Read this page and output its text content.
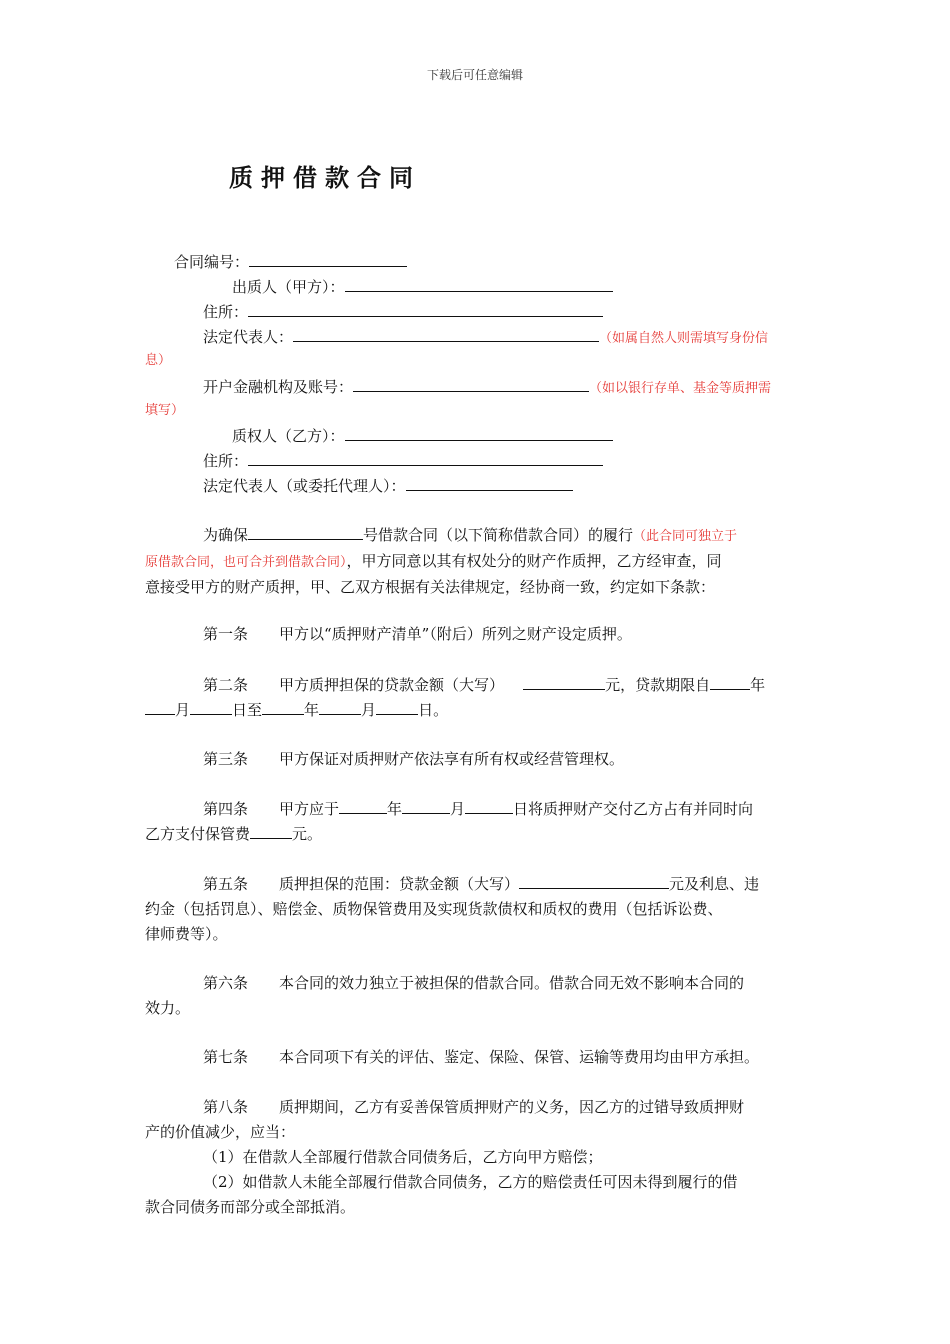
下载后可任意编辑
质押借款合同
合同编号：
出质人（甲方）：
住所：
法定代表人：	（如属自然人则需填写身份信
息）
开户金融机构及账号：	（如以银行存单、基金等质押需
填写）
质权人（乙方）：
住所：
法定代表人（或委托代理人）：

为确保	号借款合同（以下简称借款合同）的履行（此合同可独立于

原借款合同，也可合并到借款合同），甲方同意以其有权处分的财产作质押，乙方经审查，同

意接受甲方的财产质押，甲、乙双方根据有关法律规定，经协商一致，约定如下条款：

第一条 甲方以“质押财产清单”（附后）所列之财产设定质押。

第二条 甲方质押担保的贷款金额（大写）	元，贷款期限自	年

月	日至	年	月	日。

第三条 甲方保证对质押财产依法享有所有权或经营管理权。

第四条 甲方应于	年	月	日将质押财产交付乙方占有并同时向

乙方支付保管费	元。

第五条 质押担保的范围：贷款金额（大写）	元及利息、违

约金（包括罚息）、赔偿金、质物保管费用及实现货款债权和质权的费用（包括诉讼费、

律师费等）。

第六条 本合同的效力独立于被担保的借款合同。借款合同无效不影响本合同的

效力。

第七条 本合同项下有关的评估、鉴定、保险、保管、运输等费用均由甲方承担。

第八条 质押期间，乙方有妥善保管质押财产的义务，因乙方的过错导致质押财

产的价值减少，应当：

（1）在借款人全部履行借款合同债务后，乙方向甲方赔偿；

（2）如借款人未能全部履行借款合同债务，乙方的赔偿责任可因未得到履行的借

款合同债务而部分或全部抵消。
